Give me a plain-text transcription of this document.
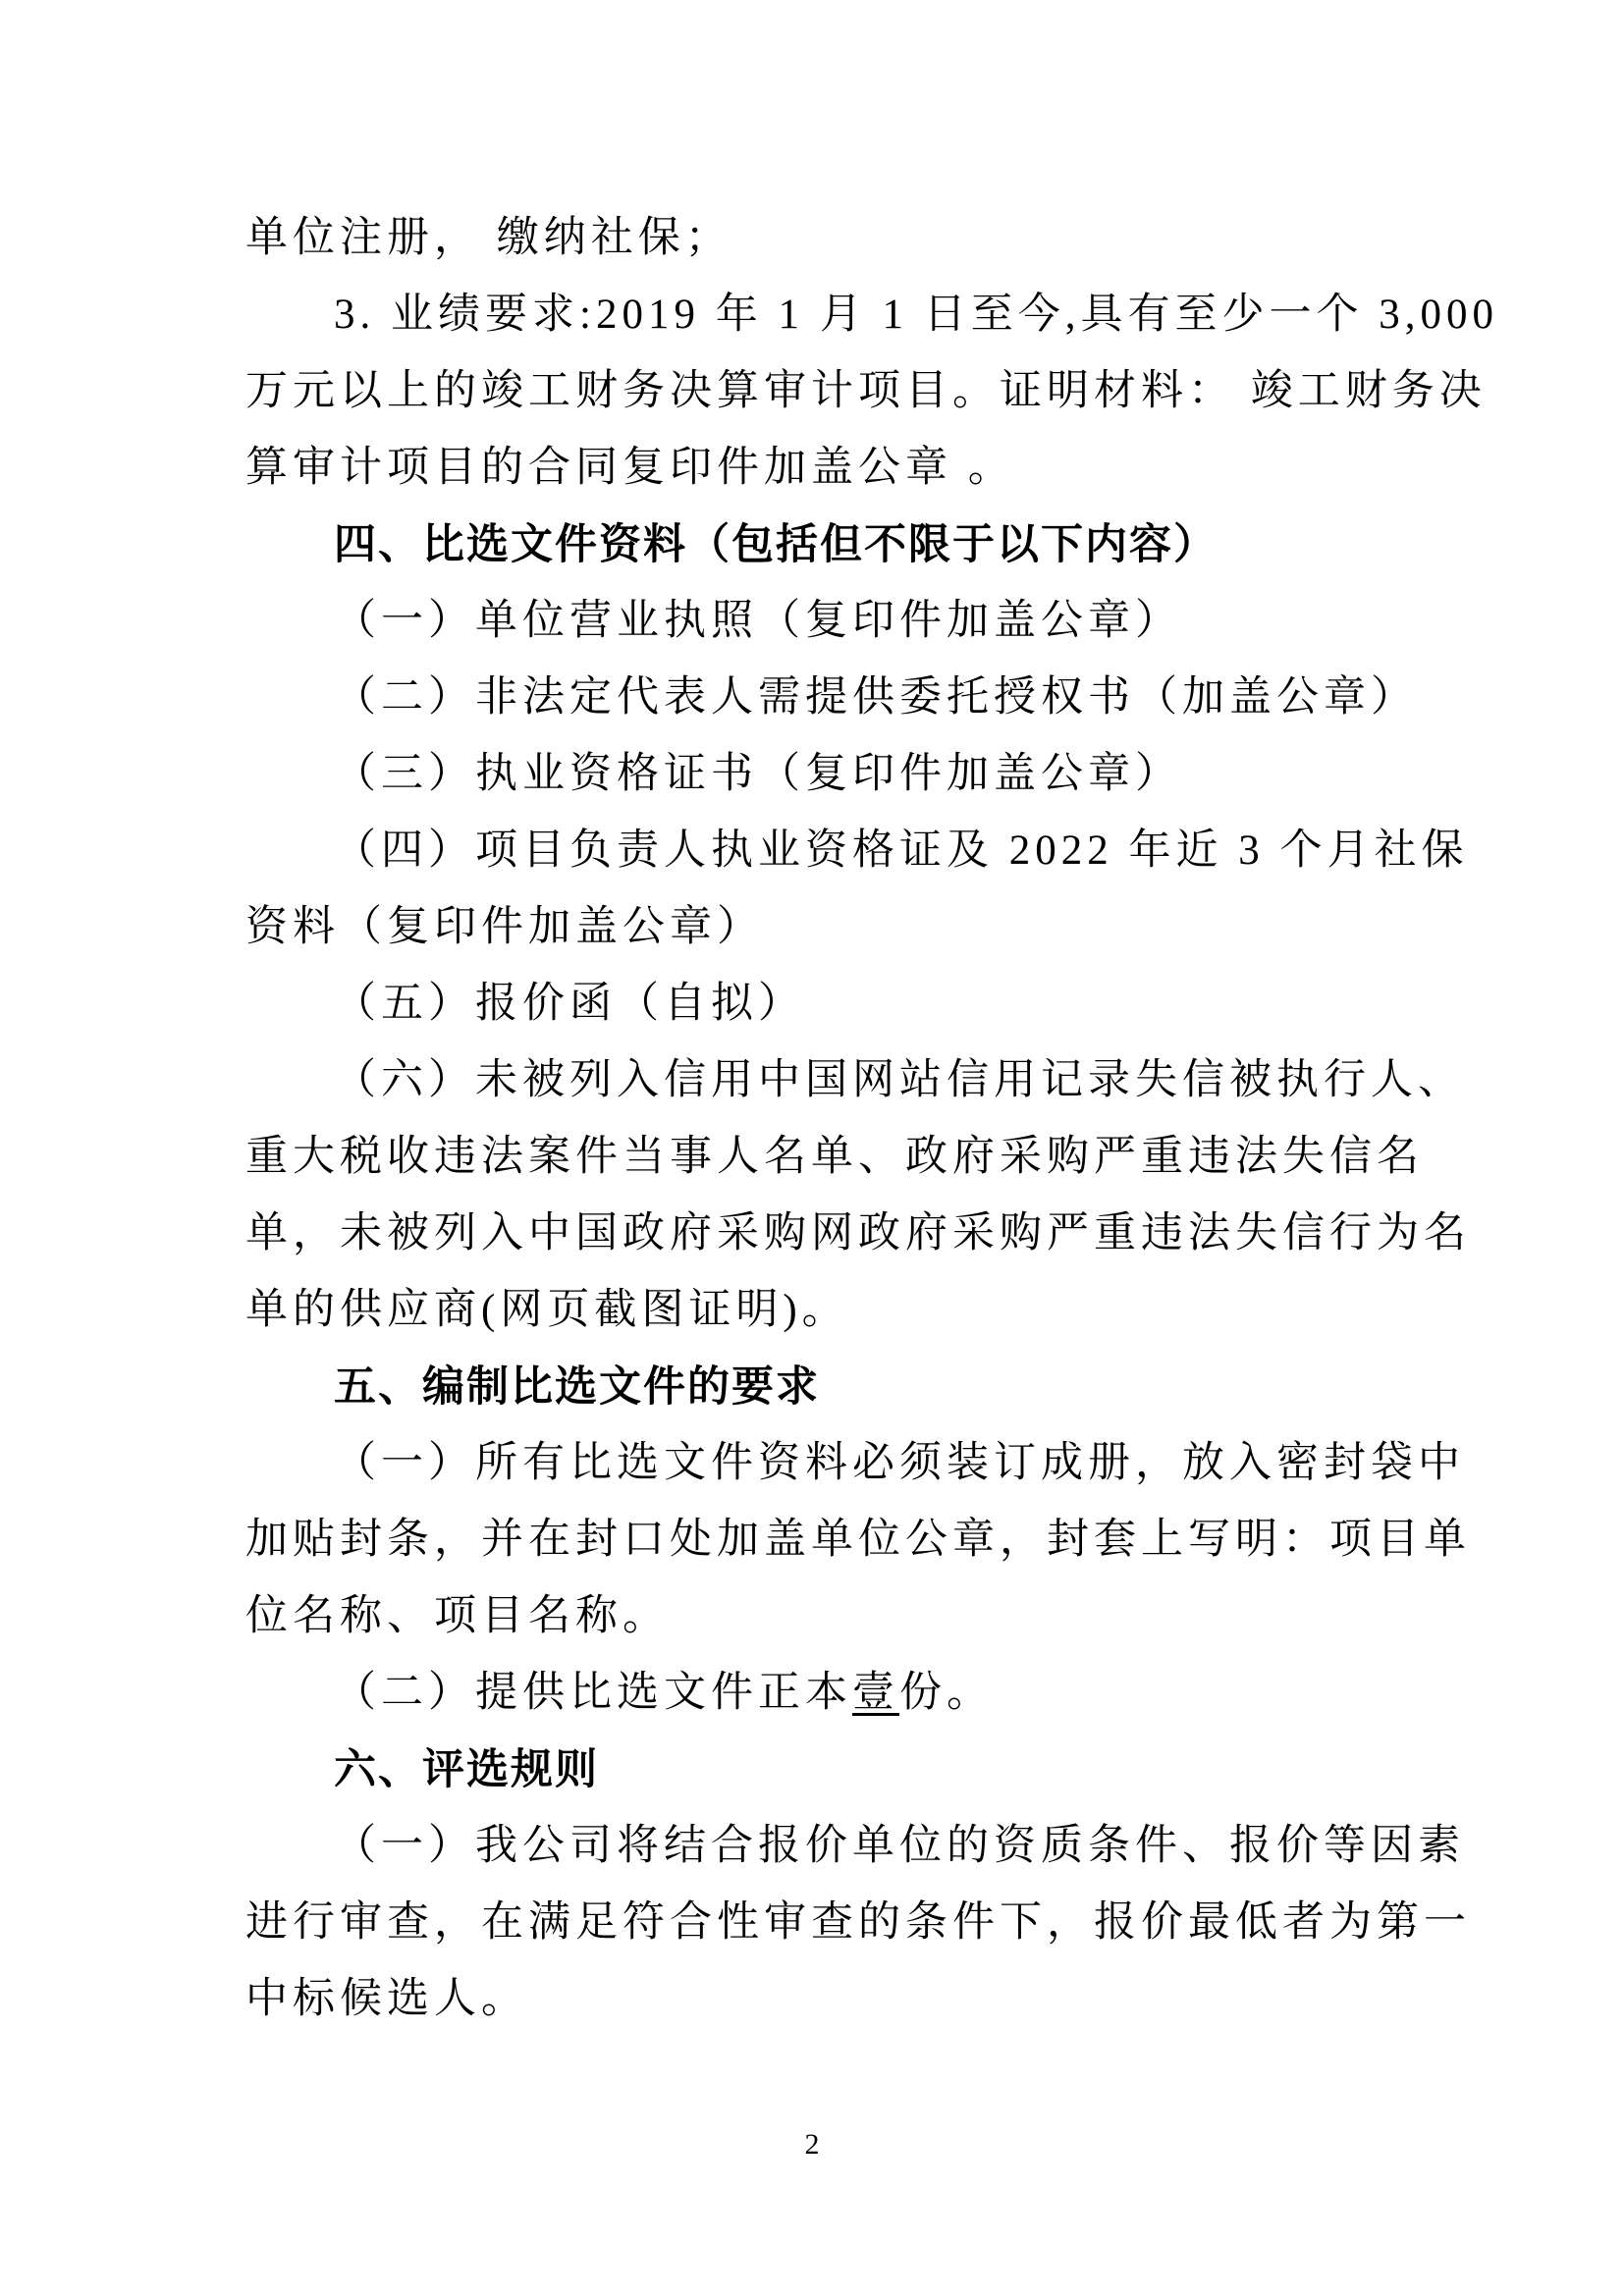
单位注册， 缴纳社保；
3. 业绩要求:2019 年 1 月 1 日至今,具有至少一个 3,000
万元以上的竣工财务决算审计项目。证明材料： 竣工财务决
算审计项目的合同复印件加盖公章 。
四、比选文件资料（包括但不限于以下内容）
（一）单位营业执照（复印件加盖公章）
（二）非法定代表人需提供委托授权书（加盖公章）
（三）执业资格证书（复印件加盖公章）
（四）项目负责人执业资格证及 2022 年近 3 个月社保
资料（复印件加盖公章）
（五）报价函（自拟）
（六）未被列入信用中国网站信用记录失信被执行人、
重大税收违法案件当事人名单、政府采购严重违法失信名
单，未被列入中国政府采购网政府采购严重违法失信行为名
单的供应商(网页截图证明)。
五、编制比选文件的要求
（一）所有比选文件资料必须装订成册，放入密封袋中
加贴封条，并在封口处加盖单位公章，封套上写明：项目单
位名称、项目名称。
（二）提供比选文件正本壹份。
六、评选规则
（一）我公司将结合报价单位的资质条件、报价等因素
进行审查，在满足符合性审查的条件下，报价最低者为第一
中标候选人。
2
